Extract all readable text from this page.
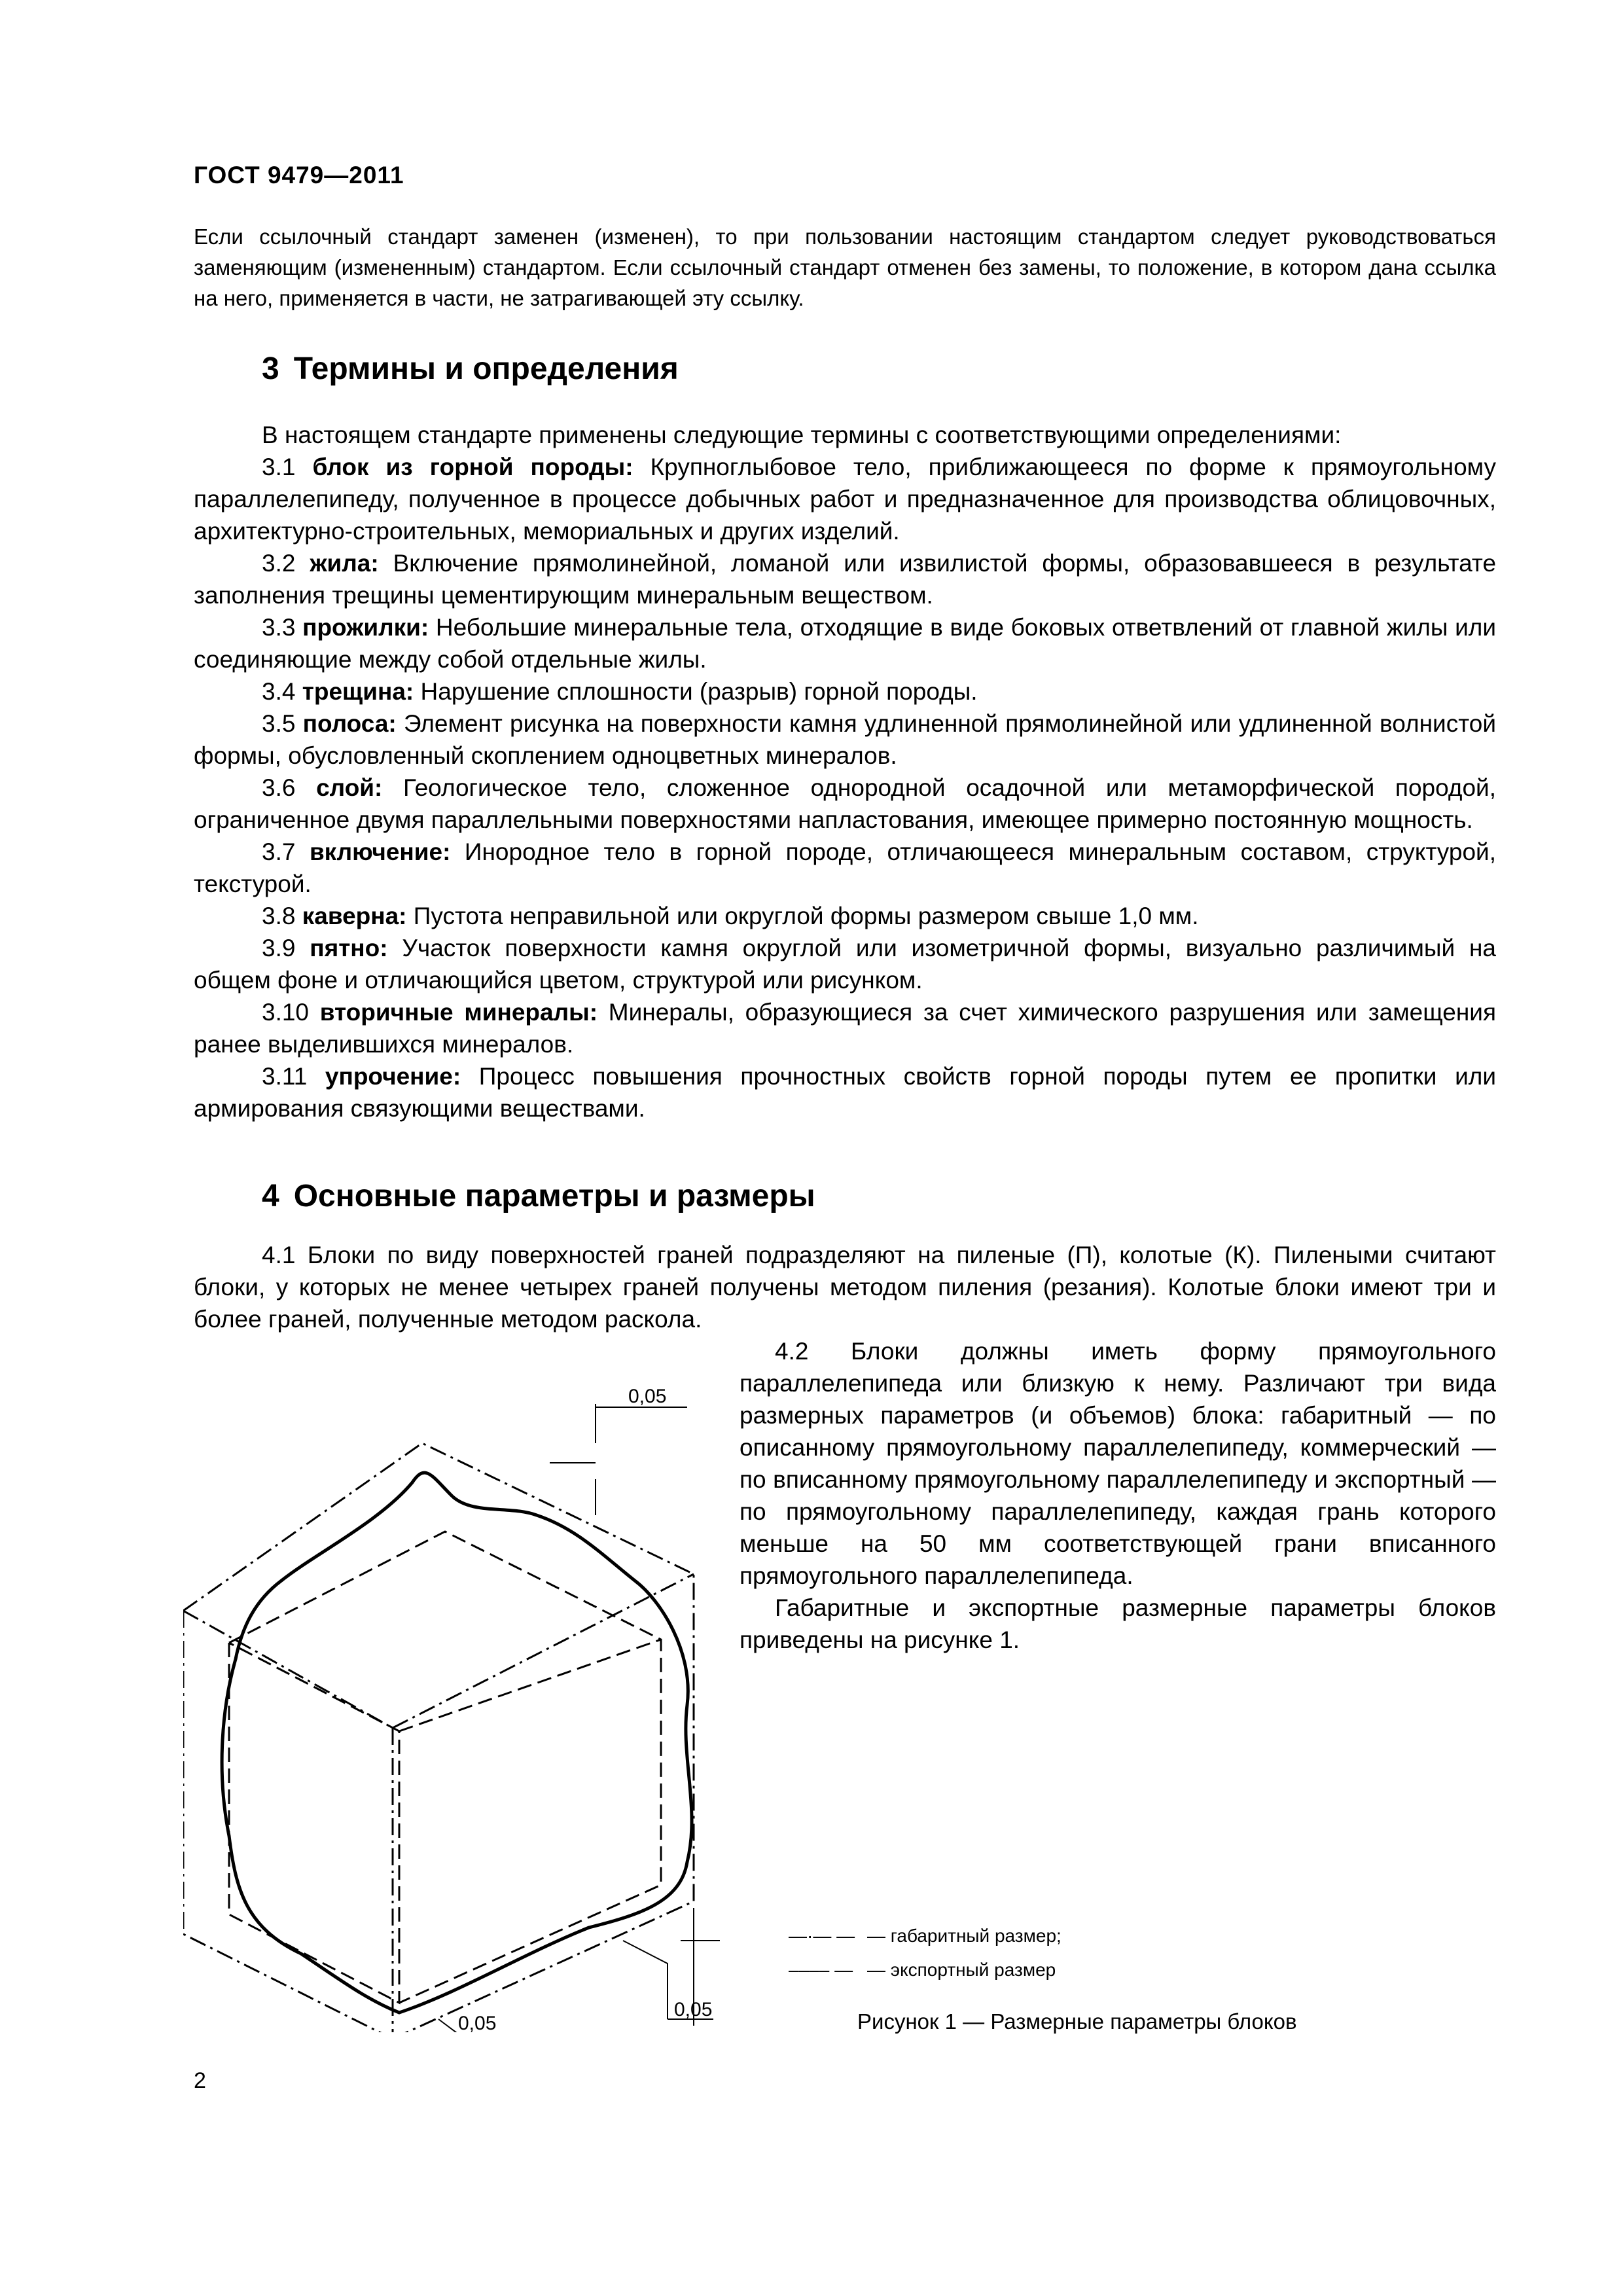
ГОСТ 9479—2011
Если ссылочный стандарт заменен (изменен), то при пользовании настоящим стандартом следует руководствоваться заменяющим (измененным) стандартом. Если ссылочный стандарт отменен без замены, то положение, в котором дана ссылка на него, применяется в части, не затрагивающей эту ссылку.
3 Термины и определения

В настоящем стандарте применены следующие термины с соответствующими определениями:

3.1 блок из горной породы: Крупноглыбовое тело, приближающееся по форме к прямоугольному параллелепипеду, полученное в процессе добычных работ и предназначенное для производства облицовочных, архитектурно-строительных, мемориальных и других изделий.

3.2 жила: Включение прямолинейной, ломаной или извилистой формы, образовавшееся в результате заполнения трещины цементирующим минеральным веществом.

3.3 прожилки: Небольшие минеральные тела, отходящие в виде боковых ответвлений от главной жилы или соединяющие между собой отдельные жилы.

3.4 трещина: Нарушение сплошности (разрыв) горной породы.

3.5 полоса: Элемент рисунка на поверхности камня удлиненной прямолинейной или удлиненной волнистой формы, обусловленный скоплением одноцветных минералов.

3.6 слой: Геологическое тело, сложенное однородной осадочной или метаморфической породой, ограниченное двумя параллельными поверхностями напластования, имеющее примерно постоянную мощность.

3.7 включение: Инородное тело в горной породе, отличающееся минеральным составом, структурой, текстурой.

3.8 каверна: Пустота неправильной или округлой формы размером свыше 1,0 мм.

3.9 пятно: Участок поверхности камня округлой или изометричной формы, визуально различимый на общем фоне и отличающийся цветом, структурой или рисунком.

3.10 вторичные минералы: Минералы, образующиеся за счет химического разрушения или замещения ранее выделившихся минералов.

3.11 упрочение: Процесс повышения прочностных свойств горной породы путем ее пропитки или армирования связующими веществами.

4 Основные параметры и размеры

4.1 Блоки по виду поверхностей граней подразделяют на пиленые (П), колотые (К). Пилеными считают блоки, у которых не менее четырех граней получены методом пиления (резания). Колотые блоки имеют три и более граней, полученные методом раскола.

4.2 Блоки должны иметь форму прямоугольного параллелепипеда или близкую к нему. Различают три вида размерных параметров (и объемов) блока: габаритный — по описанному прямоугольному параллелепипеду, коммерческий — по вписанному прямоугольному параллелепипеду и экспортный — по прямоугольному параллелепипеду, каждая грань которого меньше на 50 мм соответствующей грани вписанного прямоугольного параллелепипеда.

Габаритные и экспортные размерные параметры блоков приведены на рисунке 1.

0,05
0,05
0,05
—·— — — габаритный размер;
–––– — — экспортный размер
Рисунок 1 — Размерные параметры блоков
2
